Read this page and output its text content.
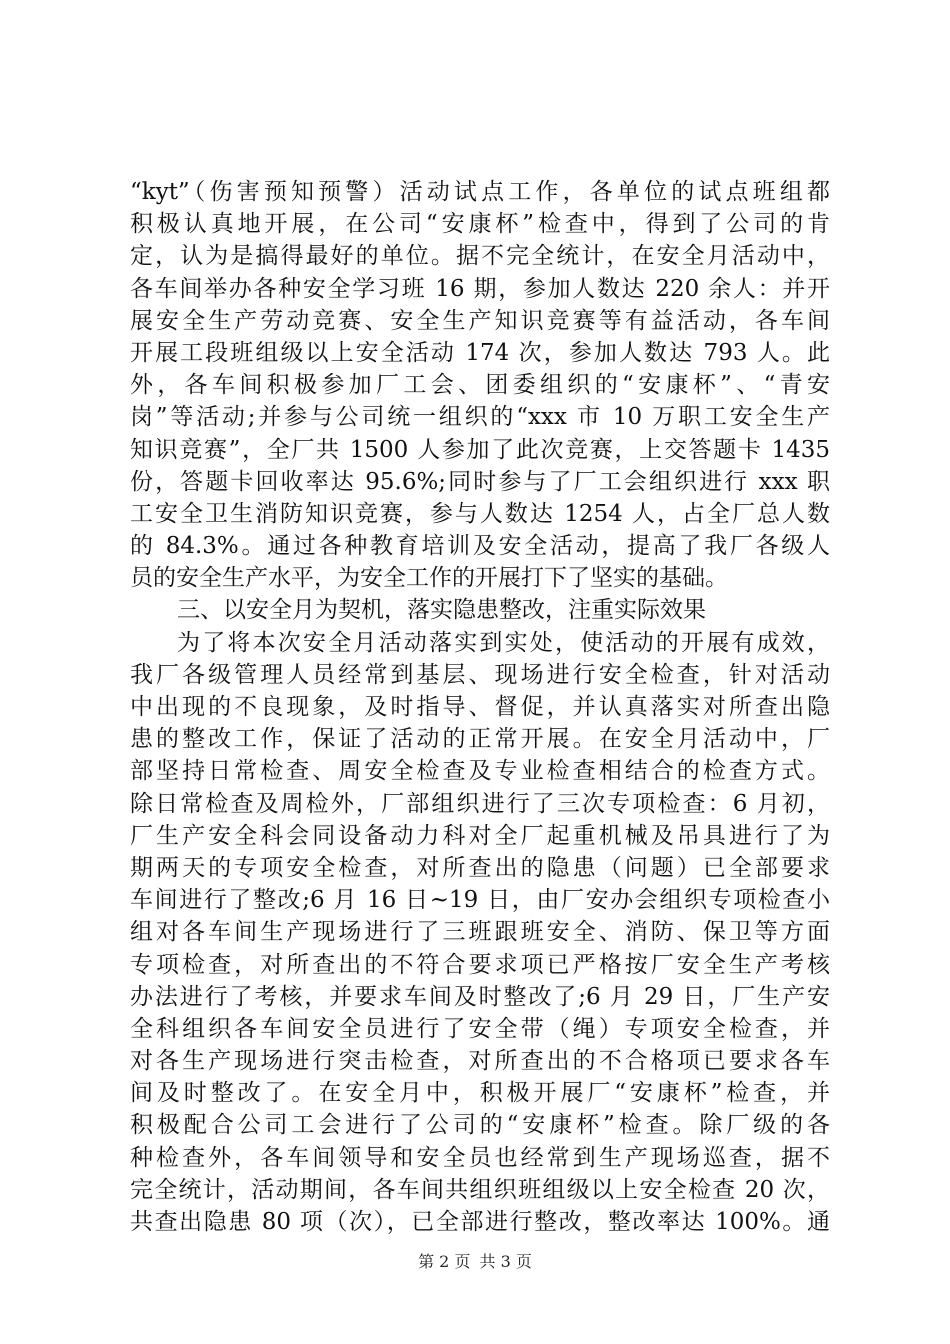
“kyt”（伤害预知预警）活动试点工作，各单位的试点班组都
积极认真地开展，在公司“安康杯”检查中，得到了公司的肯
定，认为是搞得最好的单位。据不完全统计，在安全月活动中，
各车间举办各种安全学习班 16 期，参加人数达 220 余人：并开
展安全生产劳动竞赛、安全生产知识竞赛等有益活动，各车间
开展工段班组级以上安全活动 174 次，参加人数达 793 人。此
外，各车间积极参加厂工会、团委组织的“安康杯”、“青安
岗”等活动;并参与公司统一组织的“xxx 市 10 万职工安全生产
知识竞赛”，全厂共 1500 人参加了此次竞赛，上交答题卡 1435
份，答题卡回收率达 95.6%;同时参与了厂工会组织进行 xxx 职
工安全卫生消防知识竞赛，参与人数达 1254 人，占全厂总人数
的 84.3%。通过各种教育培训及安全活动，提高了我厂各级人
员的安全生产水平，为安全工作的开展打下了坚实的基础。
三、以安全月为契机，落实隐患整改，注重实际效果
为了将本次安全月活动落实到实处，使活动的开展有成效，
我厂各级管理人员经常到基层、现场进行安全检查，针对活动
中出现的不良现象，及时指导、督促，并认真落实对所查出隐
患的整改工作，保证了活动的正常开展。在安全月活动中，厂
部坚持日常检查、周安全检查及专业检查相结合的检查方式。
除日常检查及周检外，厂部组织进行了三次专项检查：6 月初，
厂生产安全科会同设备动力科对全厂起重机械及吊具进行了为
期两天的专项安全检查，对所查出的隐患（问题）已全部要求
车间进行了整改;6 月 16 日~19 日，由厂安办会组织专项检查小
组对各车间生产现场进行了三班跟班安全、消防、保卫等方面
专项检查，对所查出的不符合要求项已严格按厂安全生产考核
办法进行了考核，并要求车间及时整改了;6 月 29 日，厂生产安
全科组织各车间安全员进行了安全带（绳）专项安全检查，并
对各生产现场进行突击检查，对所查出的不合格项已要求各车
间及时整改了。在安全月中，积极开展厂“安康杯”检查，并
积极配合公司工会进行了公司的“安康杯”检查。除厂级的各
种检查外，各车间领导和安全员也经常到生产现场巡查，据不
完全统计，活动期间，各车间共组织班组级以上安全检查 20 次，
共查出隐患 80 项（次），已全部进行整改，整改率达 100%。通
第 2 页 共 3 页
